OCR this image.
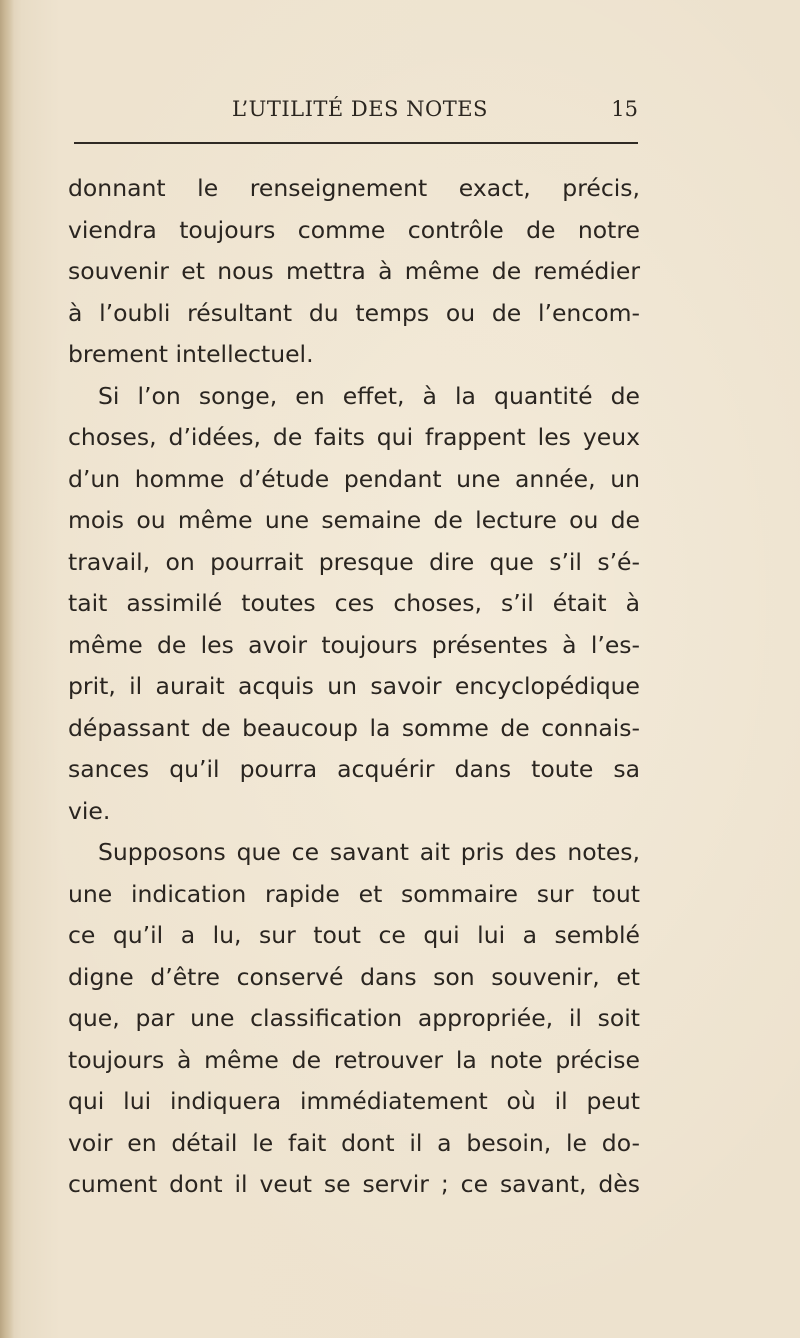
L’UTILITÉ DES NOTES	15
donnant le renseignement exact, précis,
viendra toujours comme contrôle de notre
souvenir et nous mettra à même de remédier
à l’oubli résultant du temps ou de l’encom-
brement intellectuel.
Si l’on songe, en effet, à la quantité de
choses, d’idées, de faits qui frappent les yeux
d’un homme d’étude pendant une année, un
mois ou même une semaine de lecture ou de
travail, on pourrait presque dire que s’il s’é-
tait assimilé toutes ces choses, s’il était à
même de les avoir toujours présentes à l’es-
prit, il aurait acquis un savoir encyclopédique
dépassant de beaucoup la somme de connais-
sances qu’il pourra acquérir dans toute sa
vie.
Supposons que ce savant ait pris des notes,
une indication rapide et sommaire sur tout
ce qu’il a lu, sur tout ce qui lui a semblé
digne d’être conservé dans son souvenir, et
que, par une classification appropriée, il soit
toujours à même de retrouver la note précise
qui lui indiquera immédiatement où il peut
voir en détail le fait dont il a besoin, le do-
cument dont il veut se servir ; ce savant, dès
